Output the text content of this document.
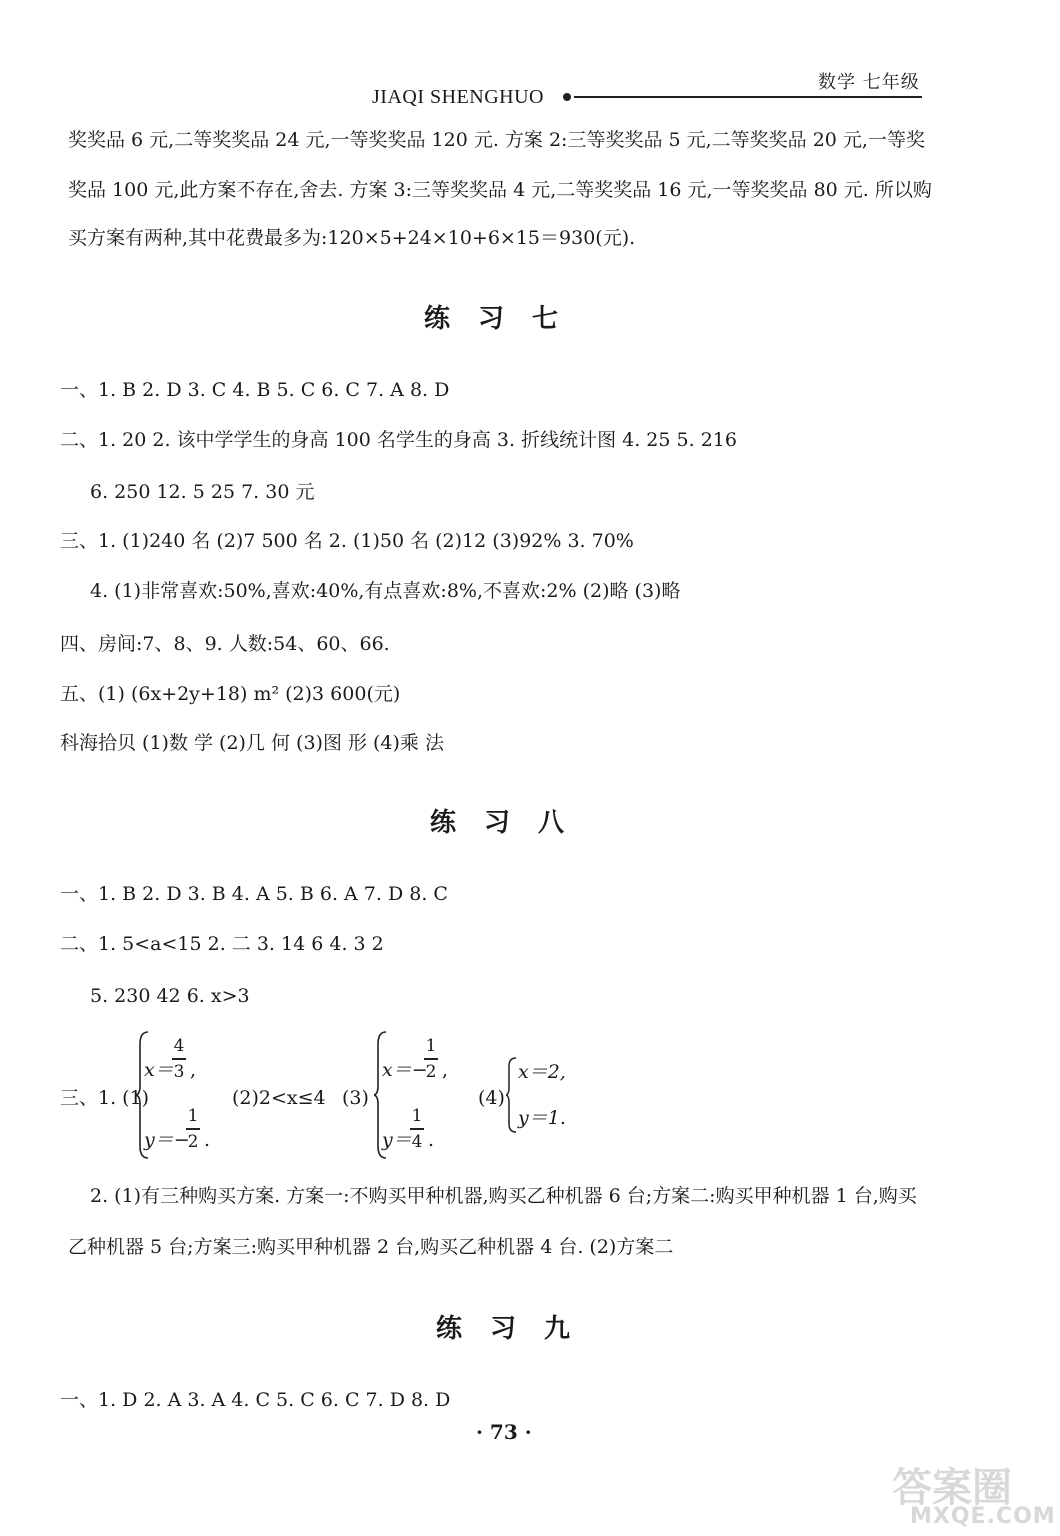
数学 七年级
JIAQI SHENGHUO
奖奖品 6 元,二等奖奖品 24 元,一等奖奖品 120 元. 方案 2:三等奖奖品 5 元,二等奖奖品 20 元,一等奖
奖品 100 元,此方案不存在,舍去. 方案 3:三等奖奖品 4 元,二等奖奖品 16 元,一等奖奖品 80 元. 所以购
买方案有两种,其中花费最多为:120×5+24×10+6×15＝930(元).
练习七
一、1. B 2. D 3. C 4. B 5. C 6. C 7. A 8. D
二、1. 20 2. 该中学学生的身高 100 名学生的身高 3. 折线统计图 4. 25 5. 216
6. 250 12. 5 25 7. 30 元
三、1. (1)240 名 (2)7 500 名 2. (1)50 名 (2)12 (3)92% 3. 70%
4. (1)非常喜欢:50%,喜欢:40%,有点喜欢:8%,不喜欢:2% (2)略 (3)略
四、房间:7、8、9. 人数:54、60、66.
五、(1) (6x+2y+18) m² (2)3 600(元)
科海拾贝 (1)数 学 (2)几 何 (3)图 形 (4)乘 法
练习八
一、1. B 2. D 3. B 4. A 5. B 6. A 7. D 8. C
二、1. 5<a<15 2. 二 3. 14 6 4. 3 2
5. 230 42 6. x>3
三、1. (1)
x＝
4
3 ,
y＝−
1
2 .
(2)2<x≤4 (3)
x＝−
1
2 ,
y＝
1
4 .
(4)
x＝2,
y＝1.
2. (1)有三种购买方案. 方案一:不购买甲种机器,购买乙种机器 6 台;方案二:购买甲种机器 1 台,购买
乙种机器 5 台;方案三:购买甲种机器 2 台,购买乙种机器 4 台. (2)方案二
练习九
一、1. D 2. A 3. A 4. C 5. C 6. C 7. D 8. D
· 73 ·
答案圈
MXQE.COM
